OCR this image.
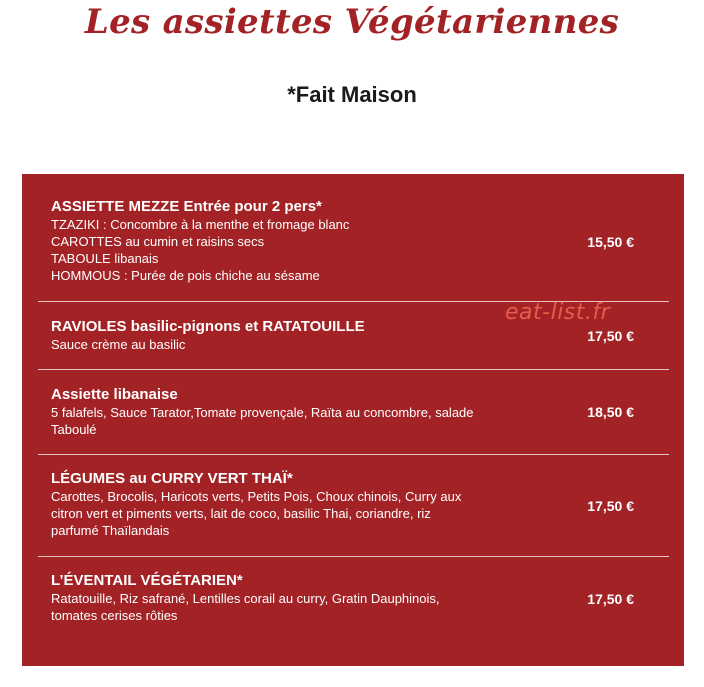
Les assiettes Végétariennes
*Fait Maison
ASSIETTE MEZZE Entrée pour 2 pers*
TZAZIKI : Concombre à la menthe et fromage blanc
CAROTTES au cumin et raisins secs
TABOULE libanais
HOMMOUS : Purée de pois chiche au sésame
15,50 €
RAVIOLES basilic-pignons et RATATOUILLE
Sauce crème au basilic
17,50 €
Assiette libanaise
5 falafels, Sauce Tarator,Tomate provençale, Raïta au concombre, salade
Taboulé
18,50 €
LÉGUMES au CURRY VERT THAÏ*
Carottes, Brocolis, Haricots verts, Petits Pois, Choux chinois, Curry aux
citron vert et piments verts, lait de coco, basilic Thai, coriandre, riz
parfumé Thaïlandais
17,50 €
L’ÉVENTAIL VÉGÉTARIEN*
Ratatouille, Riz safrané, Lentilles corail au curry, Gratin Dauphinois,
tomates cerises rôties
17,50 €
eat-list.fr
